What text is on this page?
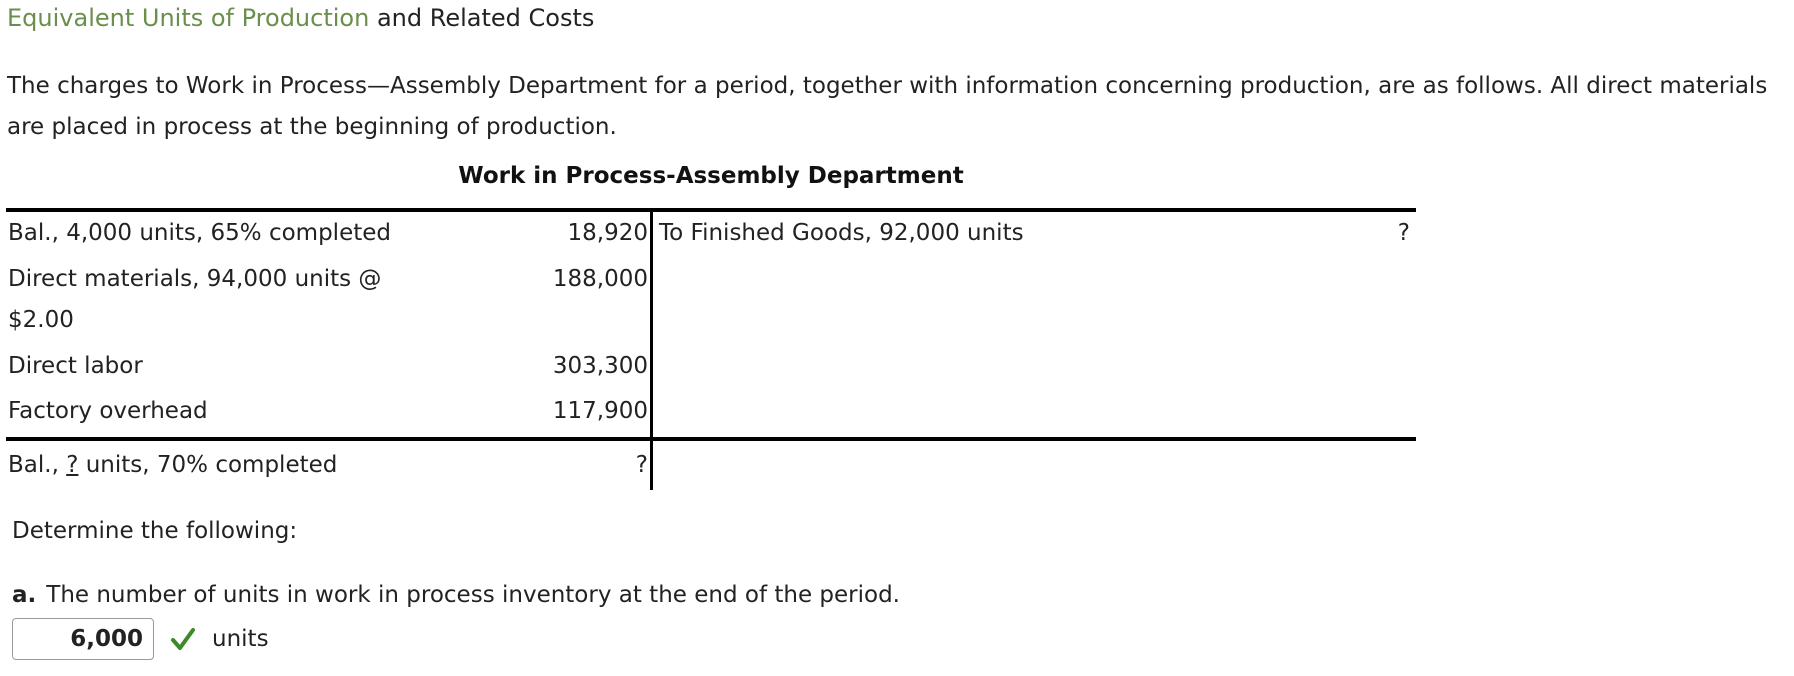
Equivalent Units of Production and Related Costs
The charges to Work in Process—Assembly Department for a period, together with information concerning production, are as follows. All direct materials are placed in process at the beginning of production.
Work in Process-Assembly Department
Bal., 4,000 units, 65% completed	18,920 To Finished Goods, 92,000 units	?
Direct materials, 94,000 units @	188,000
$2.00
Direct labor	303,300
Factory overhead	117,900
Bal., ? units, 70% completed	?
Determine the following:
a. The number of units in work in process inventory at the end of the period.
6,000
units
